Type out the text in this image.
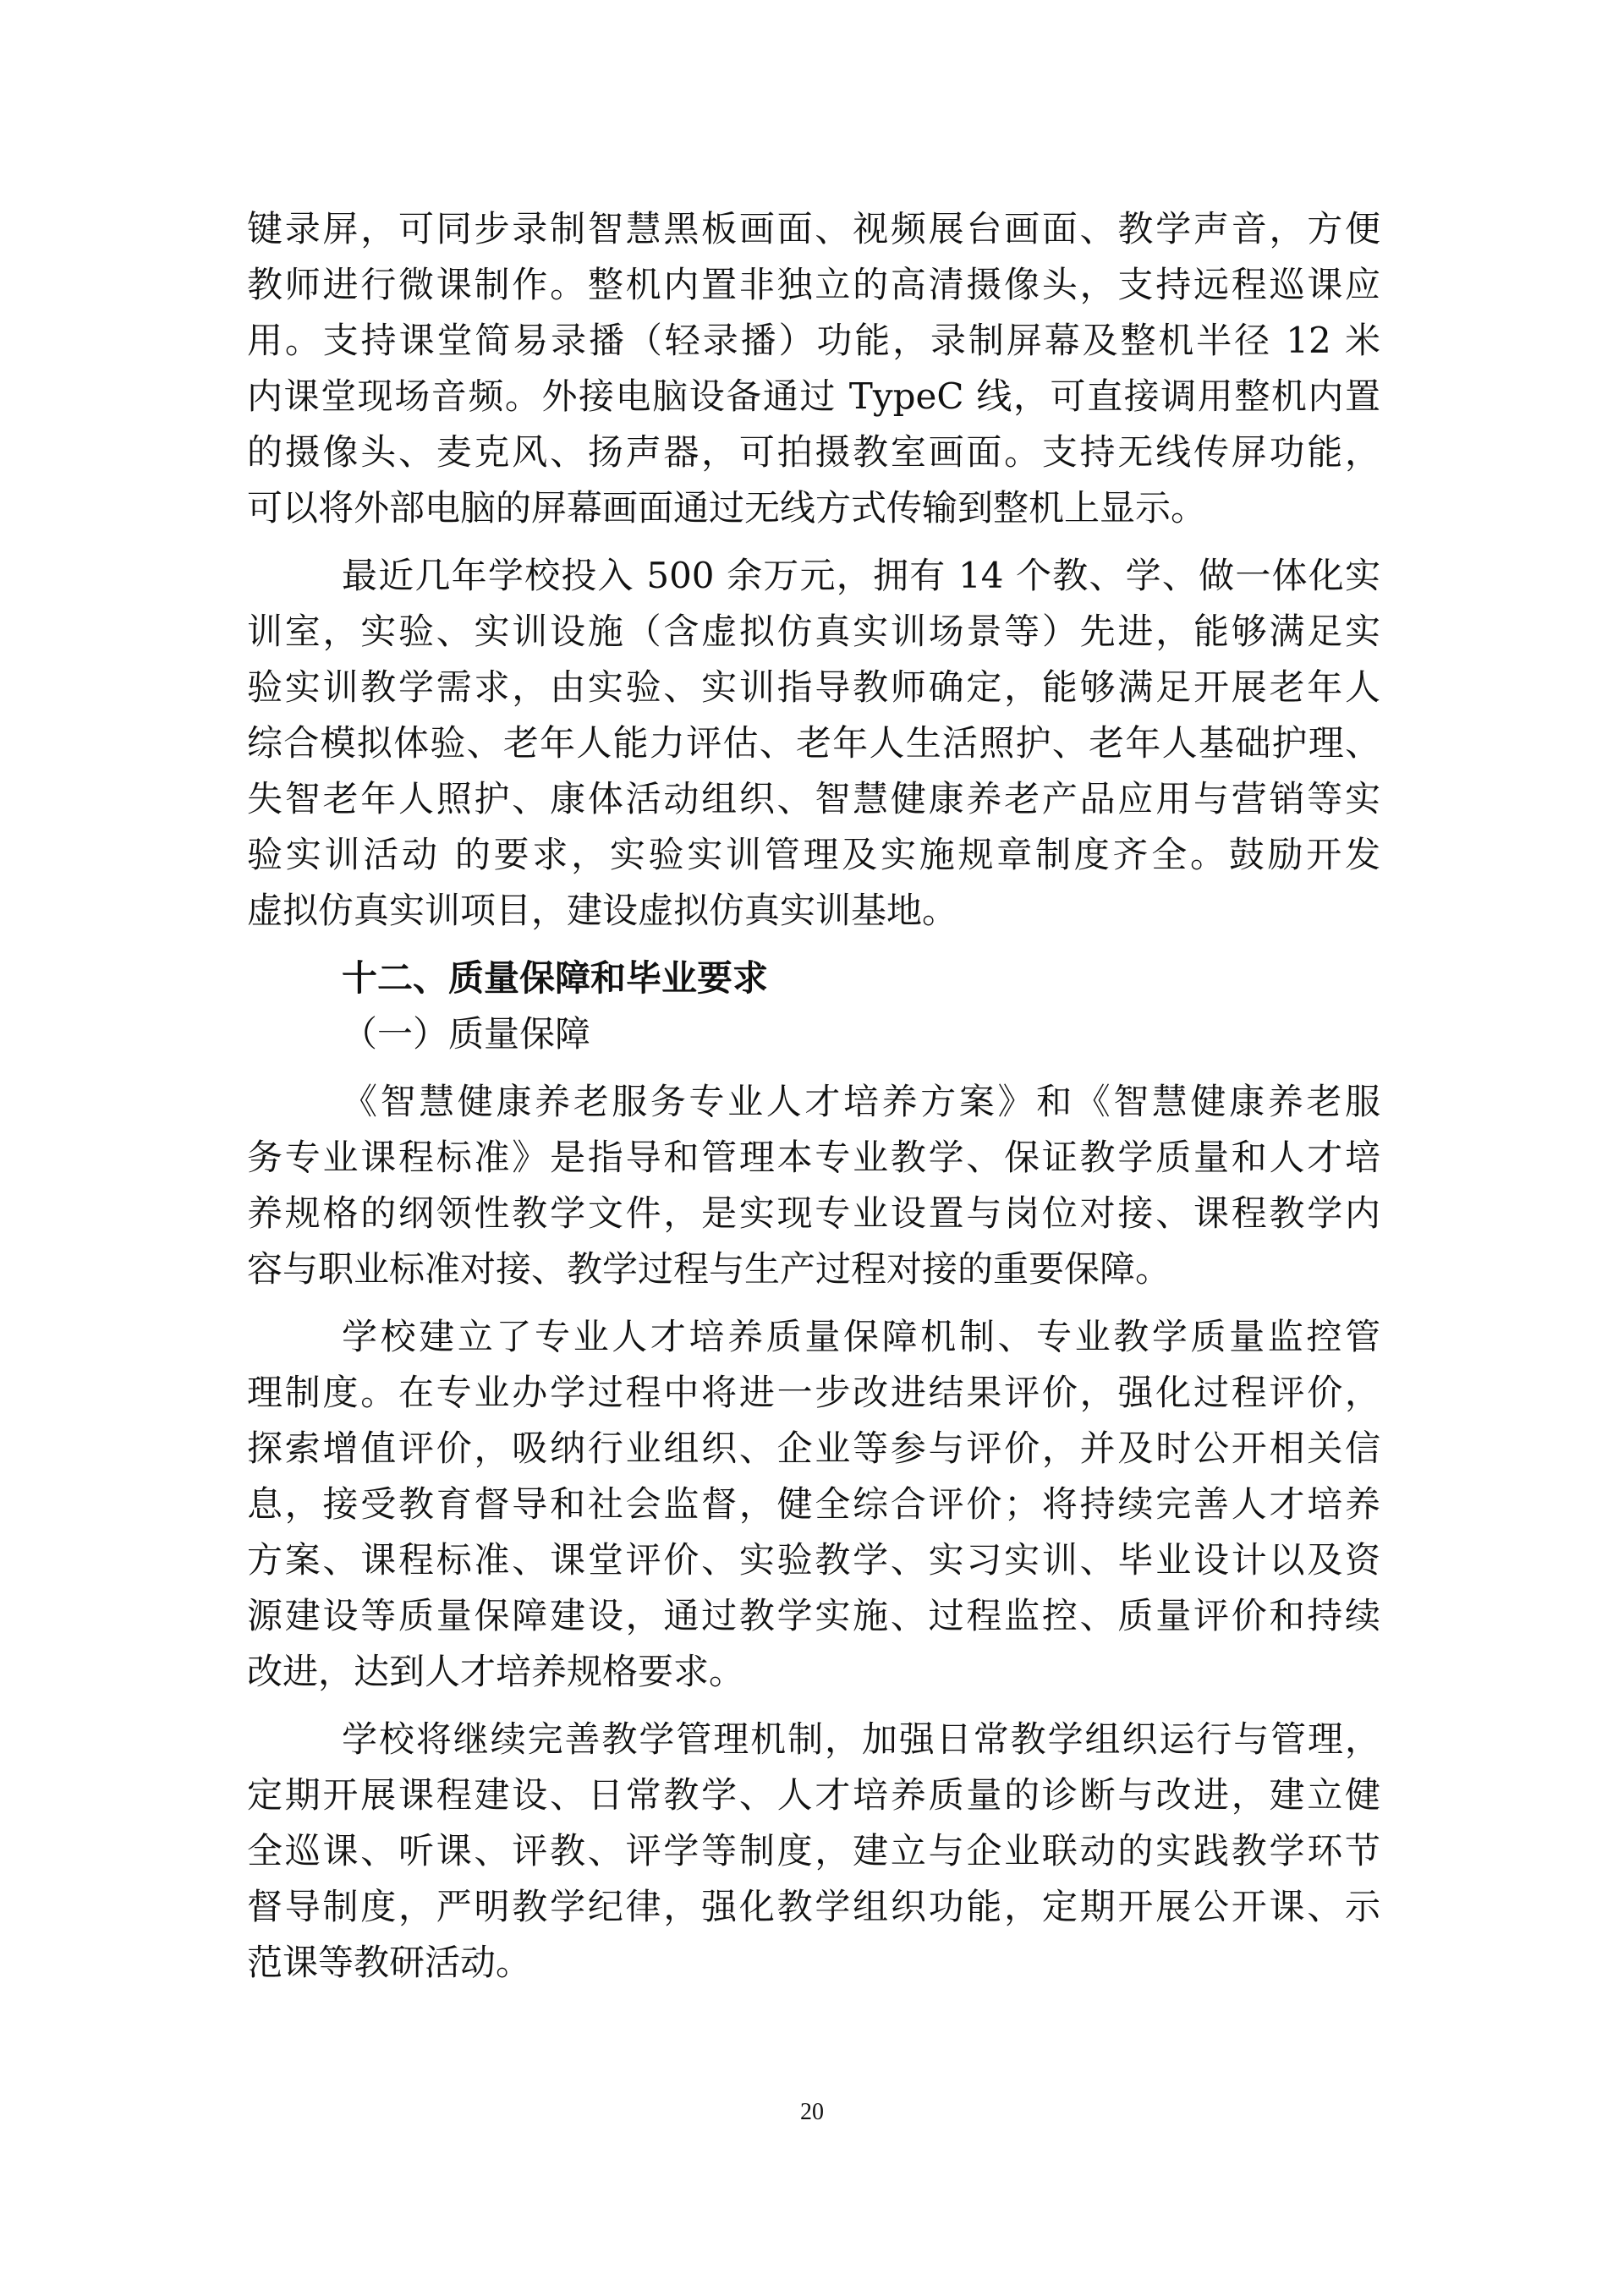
键录屏，可同步录制智慧黑板画面、视频展台画面、教学声音，方便
教师进行微课制作。整机内置非独立的高清摄像头，支持远程巡课应
用。支持课堂简易录播（轻录播）功能，录制屏幕及整机半径 12 米
内课堂现场音频。外接电脑设备通过 TypeC 线，可直接调用整机内置
的摄像头、麦克风、扬声器，可拍摄教室画面。支持无线传屏功能，
可以将外部电脑的屏幕画面通过无线方式传输到整机上显示。
最近几年学校投入 500 余万元，拥有 14 个教、学、做一体化实
训室，实验、实训设施（含虚拟仿真实训场景等）先进，能够满足实
验实训教学需求，由实验、实训指导教师确定，能够满足开展老年人
综合模拟体验、老年人能力评估、老年人生活照护、老年人基础护理、
失智老年人照护、康体活动组织、智慧健康养老产品应用与营销等实
验实训活动 的要求，实验实训管理及实施规章制度齐全。鼓励开发
虚拟仿真实训项目，建设虚拟仿真实训基地。
十二、质量保障和毕业要求
（一）质量保障
《智慧健康养老服务专业人才培养方案》和《智慧健康养老服
务专业课程标准》是指导和管理本专业教学、保证教学质量和人才培
养规格的纲领性教学文件，是实现专业设置与岗位对接、课程教学内
容与职业标准对接、教学过程与生产过程对接的重要保障。
学校建立了专业人才培养质量保障机制、专业教学质量监控管
理制度。在专业办学过程中将进一步改进结果评价，强化过程评价，
探索增值评价，吸纳行业组织、企业等参与评价，并及时公开相关信
息，接受教育督导和社会监督，健全综合评价；将持续完善人才培养
方案、课程标准、课堂评价、实验教学、实习实训、毕业设计以及资
源建设等质量保障建设，通过教学实施、过程监控、质量评价和持续
改进，达到人才培养规格要求。
学校将继续完善教学管理机制，加强日常教学组织运行与管理，
定期开展课程建设、日常教学、人才培养质量的诊断与改进，建立健
全巡课、听课、评教、评学等制度，建立与企业联动的实践教学环节
督导制度，严明教学纪律，强化教学组织功能，定期开展公开课、示
范课等教研活动。
20
